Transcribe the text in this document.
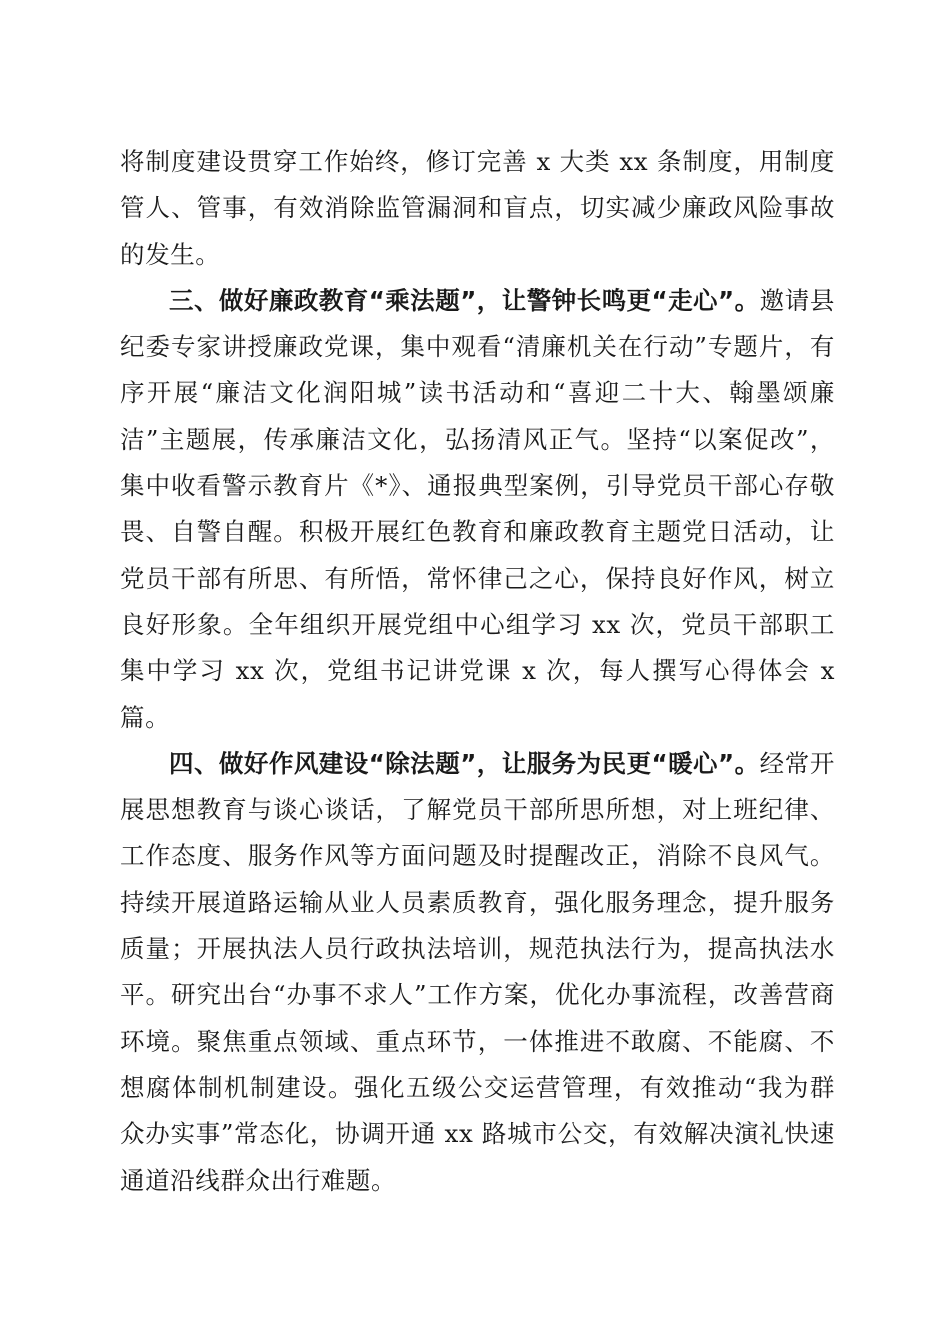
将制度建设贯穿工作始终，修订完善 x 大类 xx 条制度，用制度管人、管事，有效消除监管漏洞和盲点，切实减少廉政风险事故的发生。

三、做好廉政教育“乘法题”，让警钟长鸣更“走心”。邀请县纪委专家讲授廉政党课，集中观看“清廉机关在行动”专题片，有序开展“廉洁文化润阳城”读书活动和“喜迎二十大、翰墨颂廉洁”主题展，传承廉洁文化，弘扬清风正气。坚持“以案促改”，集中收看警示教育片《*》、通报典型案例，引导党员干部心存敬畏、自警自醒。积极开展红色教育和廉政教育主题党日活动，让党员干部有所思、有所悟，常怀律己之心，保持良好作风，树立良好形象。全年组织开展党组中心组学习 xx 次，党员干部职工集中学习 xx 次，党组书记讲党课 x 次，每人撰写心得体会 x 篇。

四、做好作风建设“除法题”，让服务为民更“暖心”。经常开展思想教育与谈心谈话，了解党员干部所思所想，对上班纪律、工作态度、服务作风等方面问题及时提醒改正，消除不良风气。持续开展道路运输从业人员素质教育，强化服务理念，提升服务质量；开展执法人员行政执法培训，规范执法行为，提高执法水平。研究出台“办事不求人”工作方案，优化办事流程，改善营商环境。聚焦重点领域、重点环节，一体推进不敢腐、不能腐、不想腐体制机制建设。强化五级公交运营管理，有效推动“我为群众办实事”常态化，协调开通 xx 路城市公交，有效解决演礼快速通道沿线群众出行难题。
